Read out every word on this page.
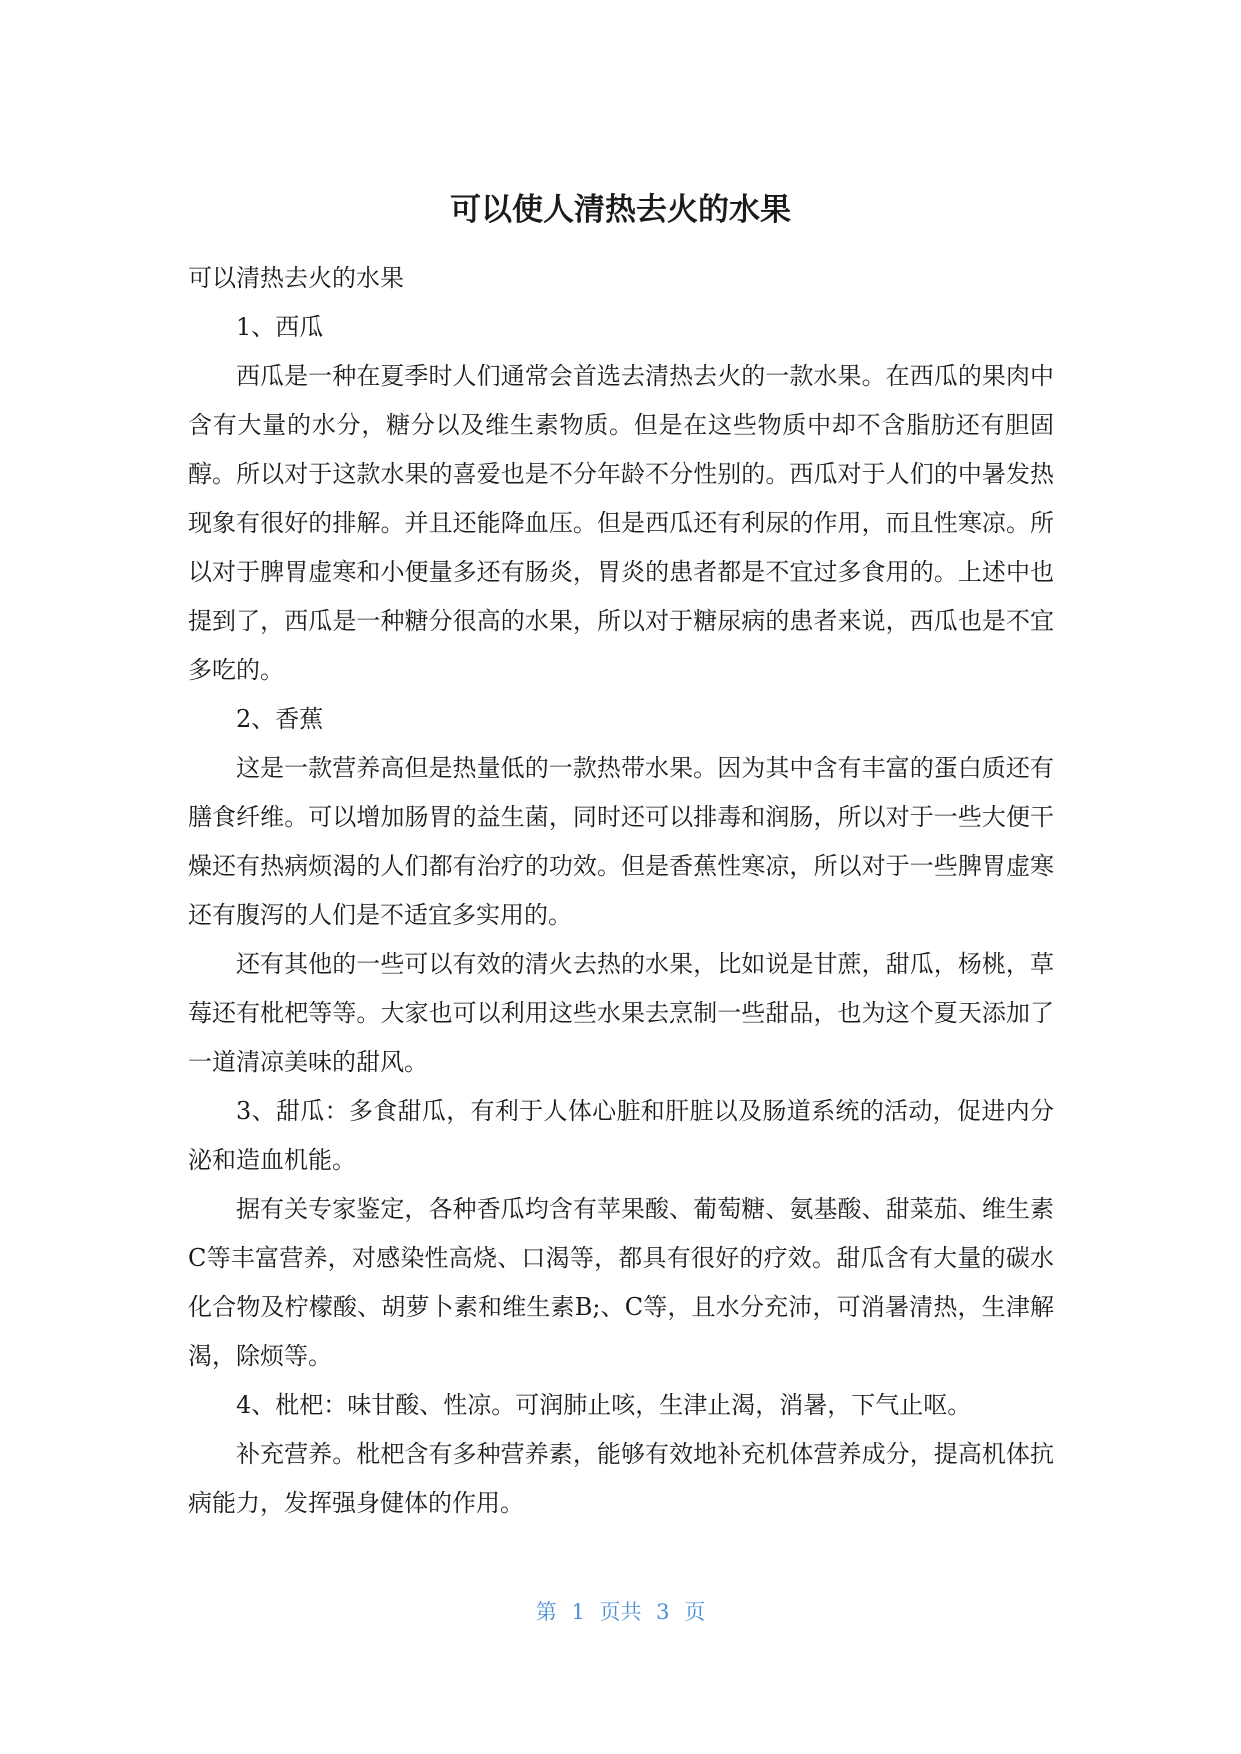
可以使人清热去火的水果

可以清热去火的水果

1、西瓜

西瓜是一种在夏季时人们通常会首选去清热去火的一款水果。在西瓜的果肉中含有大量的水分，糖分以及维生素物质。但是在这些物质中却不含脂肪还有胆固醇。所以对于这款水果的喜爱也是不分年龄不分性别的。西瓜对于人们的中暑发热现象有很好的排解。并且还能降血压。但是西瓜还有利尿的作用，而且性寒凉。所以对于脾胃虚寒和小便量多还有肠炎，胃炎的患者都是不宜过多食用的。上述中也提到了，西瓜是一种糖分很高的水果，所以对于糖尿病的患者来说，西瓜也是不宜多吃的。

2、香蕉

这是一款营养高但是热量低的一款热带水果。因为其中含有丰富的蛋白质还有膳食纤维。可以增加肠胃的益生菌，同时还可以排毒和润肠，所以对于一些大便干燥还有热病烦渴的人们都有治疗的功效。但是香蕉性寒凉，所以对于一些脾胃虚寒还有腹泻的人们是不适宜多实用的。

还有其他的一些可以有效的清火去热的水果，比如说是甘蔗，甜瓜，杨桃，草莓还有枇杷等等。大家也可以利用这些水果去烹制一些甜品，也为这个夏天添加了一道清凉美味的甜风。

3、甜瓜：多食甜瓜，有利于人体心脏和肝脏以及肠道系统的活动，促进内分泌和造血机能。

据有关专家鉴定，各种香瓜均含有苹果酸、葡萄糖、氨基酸、甜菜茄、维生素C等丰富营养，对感染性高烧、口渴等，都具有很好的疗效。甜瓜含有大量的碳水化合物及柠檬酸、胡萝卜素和维生素B;、C等，且水分充沛，可消暑清热，生津解渴，除烦等。

4、枇杷：味甘酸、性凉。可润肺止咳，生津止渴，消暑，下气止呕。

补充营养。枇杷含有多种营养素，能够有效地补充机体营养成分，提高机体抗病能力，发挥强身健体的作用。

第 1 页共 3 页
